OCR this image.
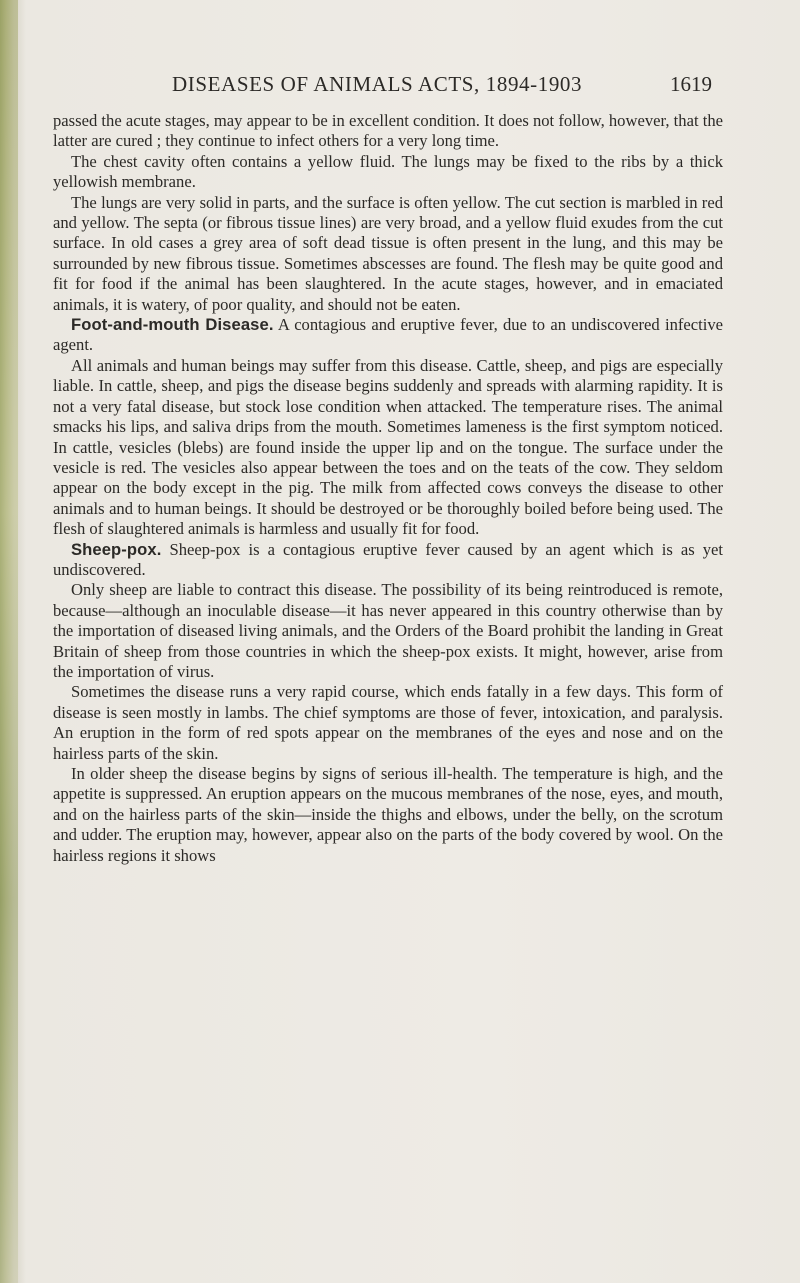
DISEASES OF ANIMALS ACTS, 1894-1903	1619

passed the acute stages, may appear to be in excellent condition. It does not follow, however, that the latter are cured ; they continue to infect others for a very long time.

The chest cavity often contains a yellow fluid. The lungs may be fixed to the ribs by a thick yellowish membrane.

The lungs are very solid in parts, and the surface is often yellow. The cut section is marbled in red and yellow. The septa (or fibrous tissue lines) are very broad, and a yellow fluid exudes from the cut surface. In old cases a grey area of soft dead tissue is often present in the lung, and this may be surrounded by new fibrous tissue. Sometimes abscesses are found. The flesh may be quite good and fit for food if the animal has been slaughtered. In the acute stages, however, and in emaciated animals, it is watery, of poor quality, and should not be eaten.

Foot-and-mouth Disease. A contagious and eruptive fever, due to an undiscovered infective agent.

All animals and human beings may suffer from this disease. Cattle, sheep, and pigs are especially liable. In cattle, sheep, and pigs the disease begins suddenly and spreads with alarming rapidity. It is not a very fatal disease, but stock lose condition when attacked. The temperature rises. The animal smacks his lips, and saliva drips from the mouth. Sometimes lameness is the first symptom noticed. In cattle, vesicles (blebs) are found inside the upper lip and on the tongue. The surface under the vesicle is red. The vesicles also appear between the toes and on the teats of the cow. They seldom appear on the body except in the pig. The milk from affected cows conveys the disease to other animals and to human beings. It should be destroyed or be thoroughly boiled before being used. The flesh of slaughtered animals is harmless and usually fit for food.

Sheep-pox. Sheep-pox is a contagious eruptive fever caused by an agent which is as yet undiscovered.

Only sheep are liable to contract this disease. The possibility of its being reintroduced is remote, because—although an inoculable disease—it has never appeared in this country otherwise than by the importation of diseased living animals, and the Orders of the Board prohibit the landing in Great Britain of sheep from those countries in which the sheep-pox exists. It might, however, arise from the importation of virus.

Sometimes the disease runs a very rapid course, which ends fatally in a few days. This form of disease is seen mostly in lambs. The chief symptoms are those of fever, intoxication, and paralysis. An eruption in the form of red spots appear on the membranes of the eyes and nose and on the hairless parts of the skin.

In older sheep the disease begins by signs of serious ill-health. The temperature is high, and the appetite is suppressed. An eruption appears on the mucous membranes of the nose, eyes, and mouth, and on the hairless parts of the skin—inside the thighs and elbows, under the belly, on the scrotum and udder. The eruption may, however, appear also on the parts of the body covered by wool. On the hairless regions it shows
